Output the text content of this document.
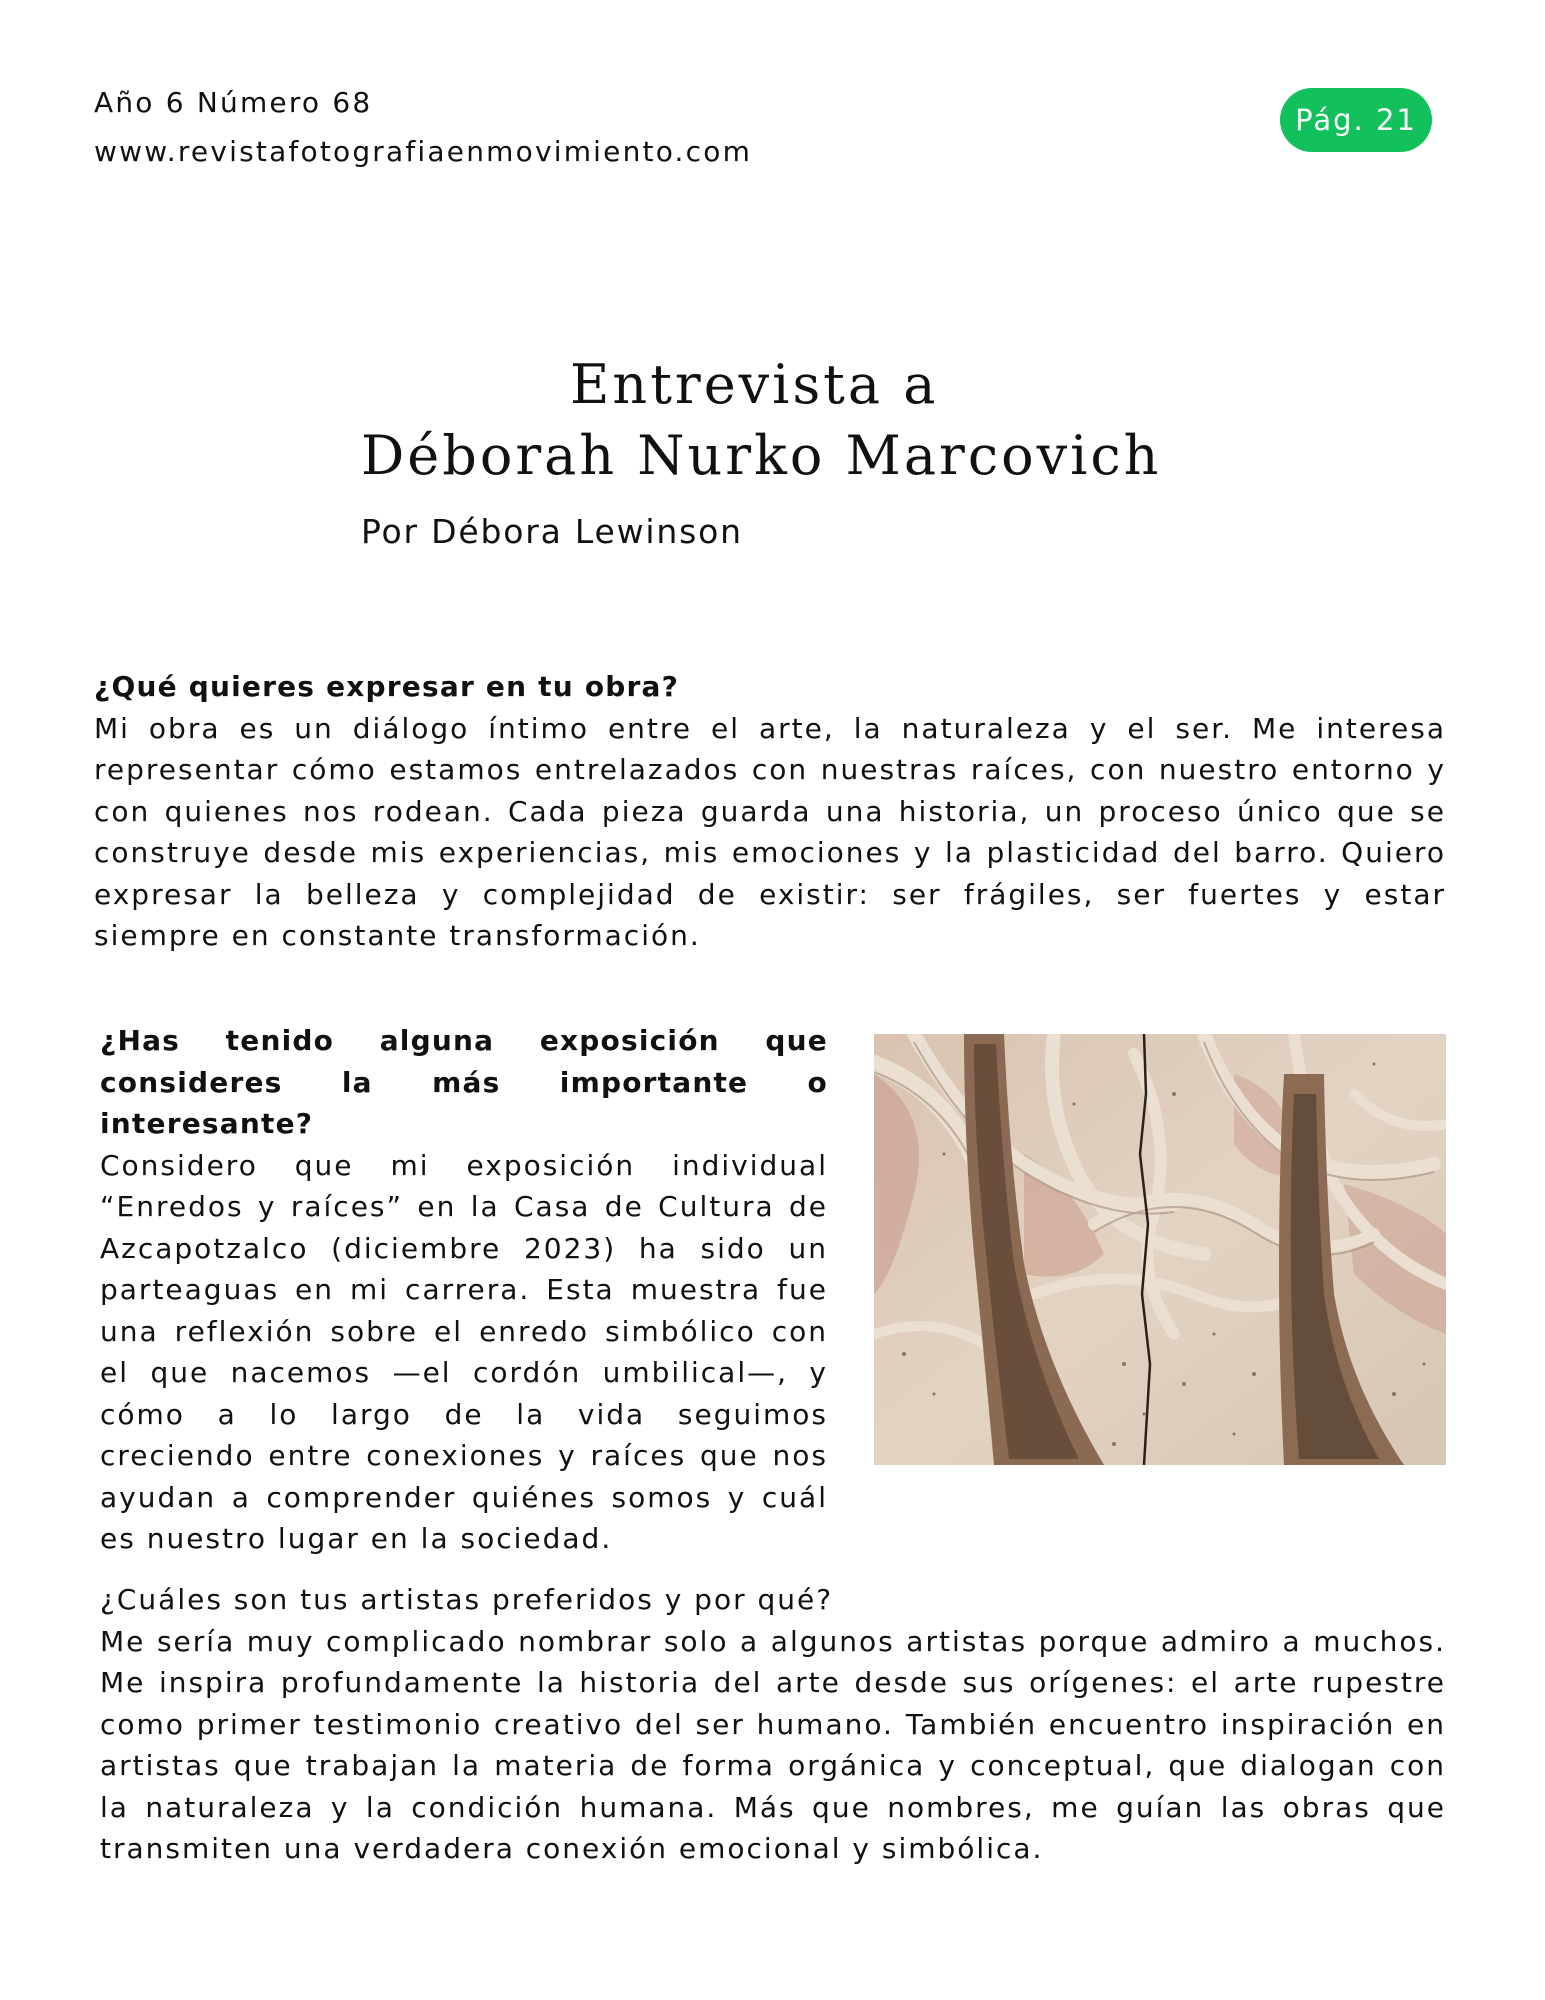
Año 6 Número 68
www.revistafotografiaenmovimiento.com
Pág. 21
Entrevista a
Déborah Nurko Marcovich
Por Débora Lewinson
¿Qué quieres expresar en tu obra?

Mi obra es un diálogo íntimo entre el arte, la naturaleza y el ser. Me interesa representar cómo estamos entrelazados con nuestras raíces, con nuestro entorno y con quienes nos rodean. Cada pieza guarda una historia, un proceso único que se construye desde mis experiencias, mis emociones y la plasticidad del barro. Quiero expresar la belleza y complejidad de existir: ser frágiles, ser fuertes y estar siempre en constante transformación.

¿Has tenido alguna exposición que consideres la más importante o interesante?

Considero que mi exposición individual “Enredos y raíces” en la Casa de Cultura de Azcapotzalco (diciembre 2023) ha sido un parteaguas en mi carrera. Esta muestra fue una reflexión sobre el enredo simbólico con el que nacemos —el cordón umbilical—, y cómo a lo largo de la vida seguimos creciendo entre conexiones y raíces que nos ayudan a comprender quiénes somos y cuál es nuestro lugar en la sociedad.

¿Cuáles son tus artistas preferidos y por qué?

Me sería muy complicado nombrar solo a algunos artistas porque admiro a muchos. Me inspira profundamente la historia del arte desde sus orígenes: el arte rupestre como primer testimonio creativo del ser humano. También encuentro inspiración en artistas que trabajan la materia de forma orgánica y conceptual, que dialogan con la naturaleza y la condición humana. Más que nombres, me guían las obras que transmiten una verdadera conexión emocional y simbólica.
